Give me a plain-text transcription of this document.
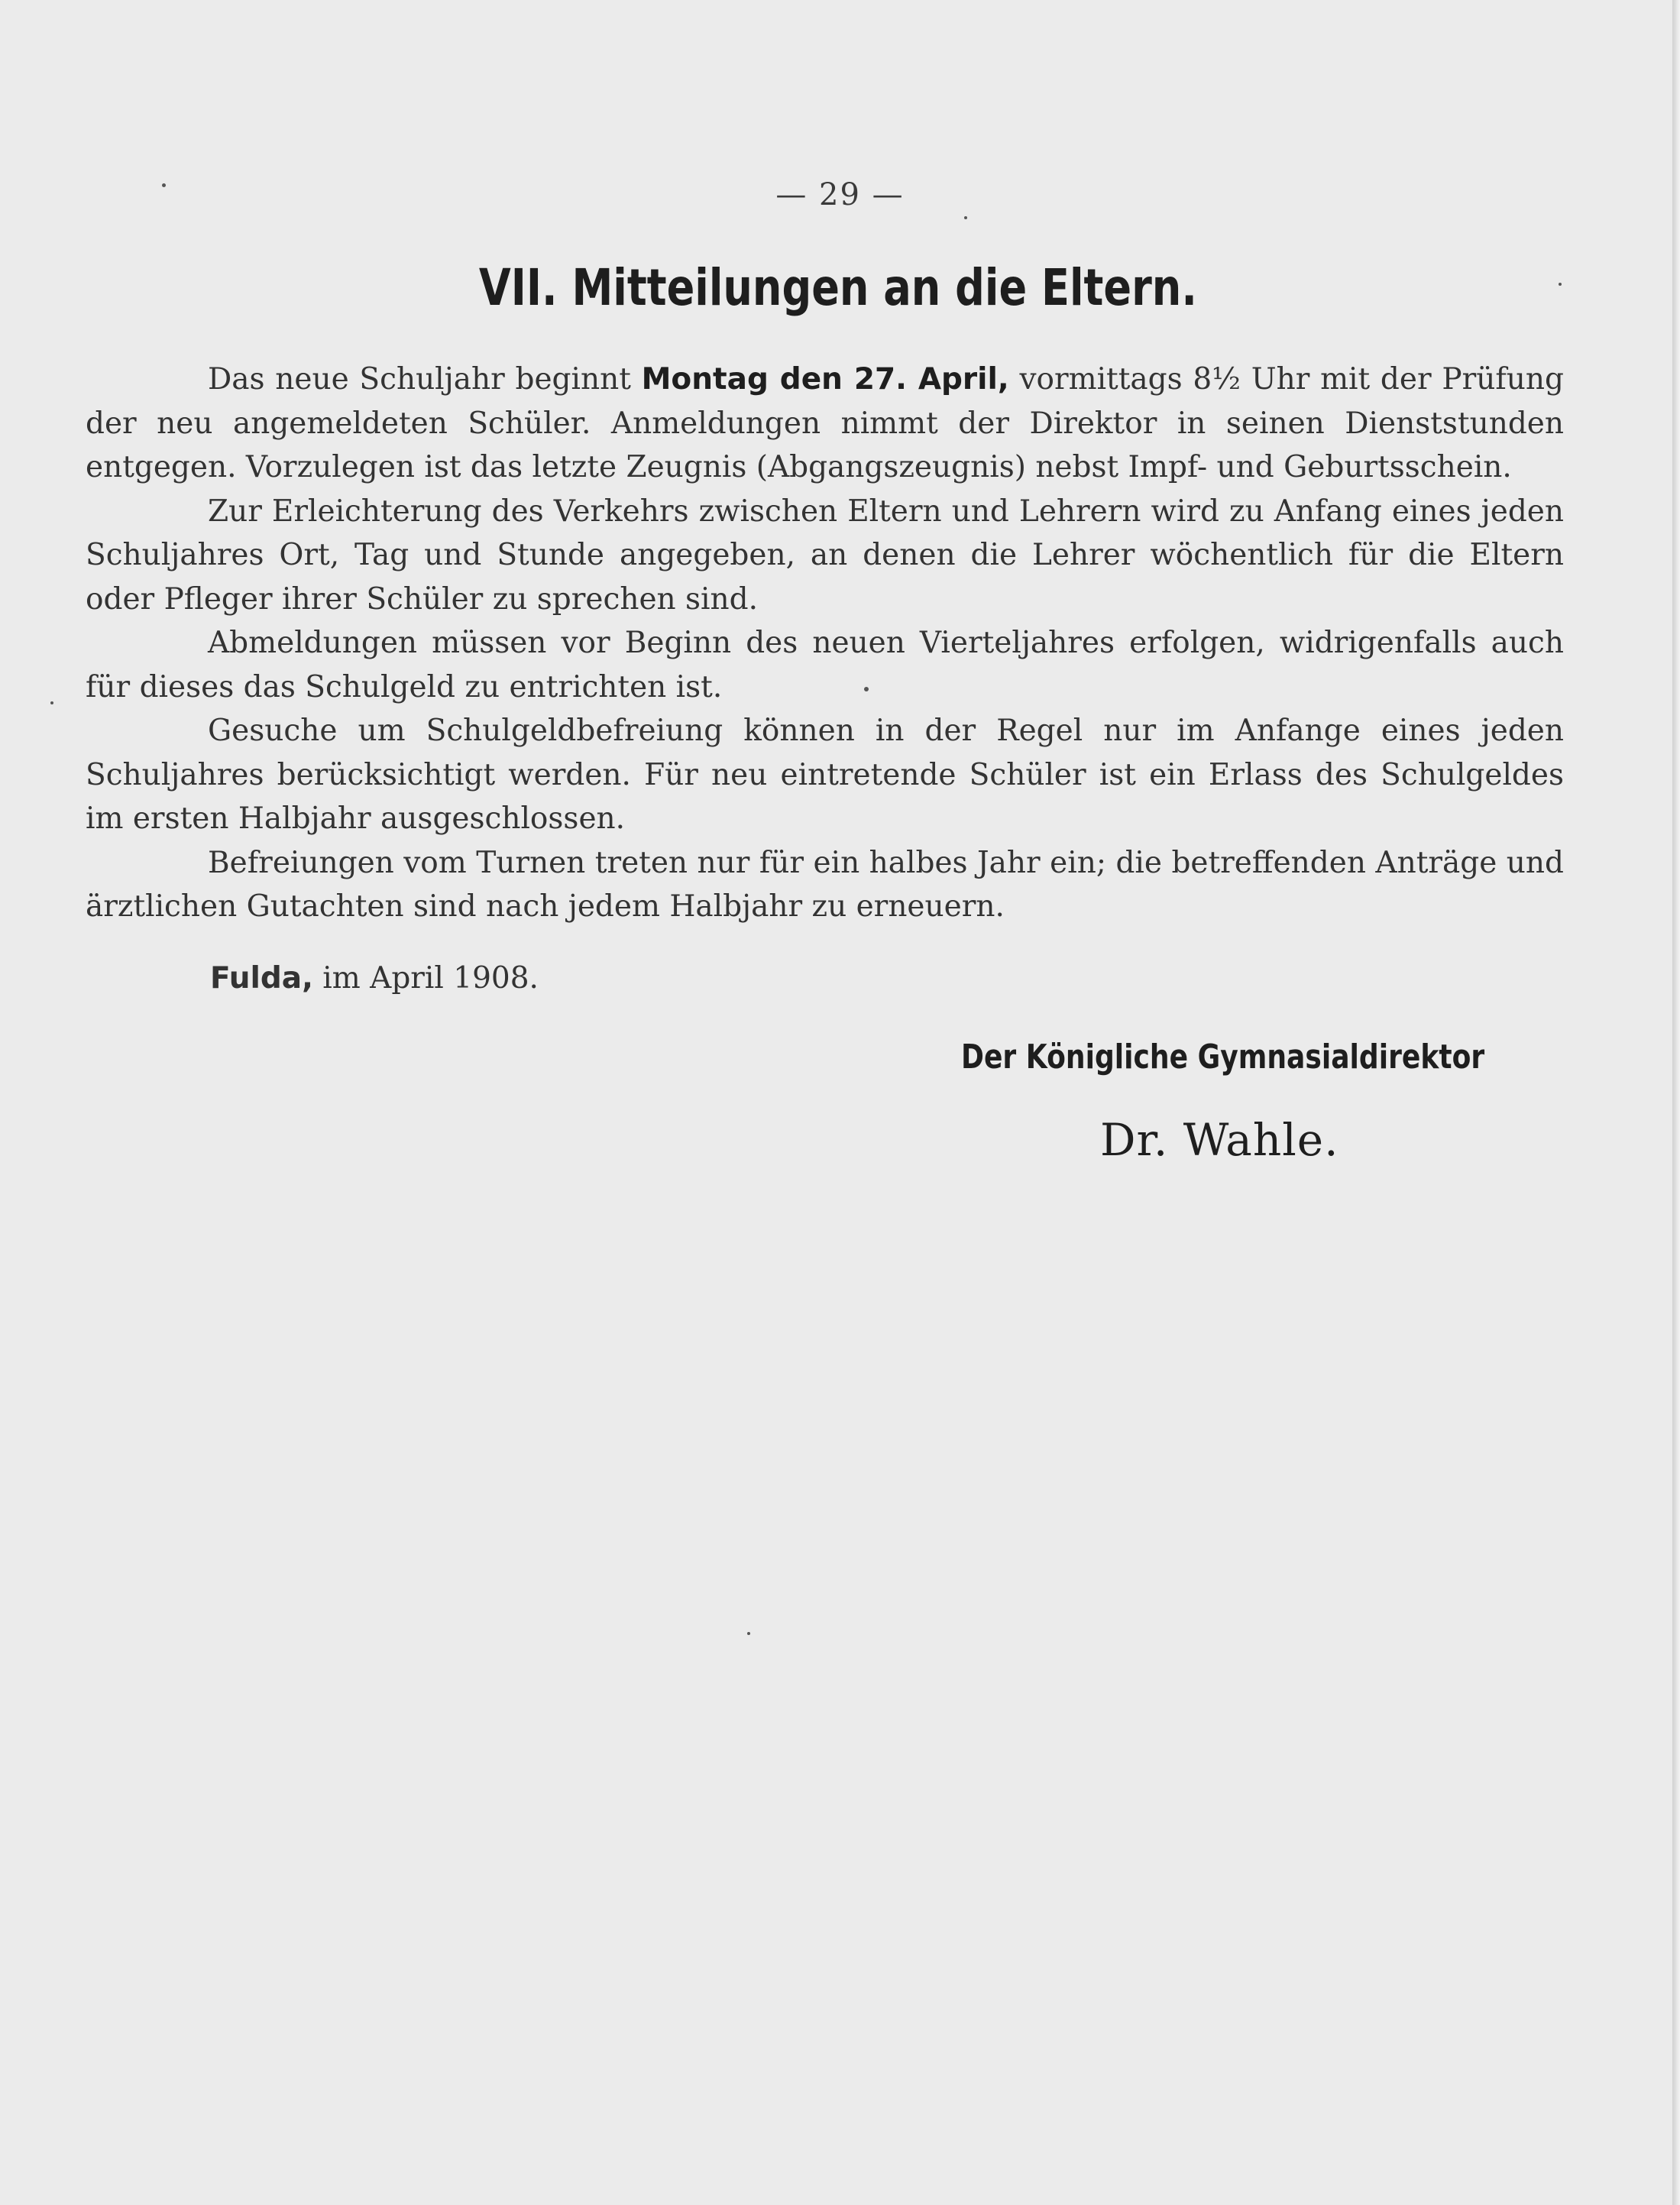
— 29 —
VII. Mitteilungen an die Eltern.

Das neue Schuljahr beginnt Montag den 27. April, vormittags 8½ Uhr mit der Prüfung der neu angemeldeten Schüler. Anmeldungen nimmt der Direktor in seinen Dienststunden entgegen. Vorzulegen ist das letzte Zeugnis (Abgangszeugnis) nebst Impf- und Geburtsschein.

Zur Erleichterung des Verkehrs zwischen Eltern und Lehrern wird zu Anfang eines jeden Schuljahres Ort, Tag und Stunde angegeben, an denen die Lehrer wöchentlich für die Eltern oder Pfleger ihrer Schüler zu sprechen sind.

Abmeldungen müssen vor Beginn des neuen Vierteljahres erfolgen, widrigenfalls auch für dieses das Schulgeld zu entrichten ist.

Gesuche um Schulgeldbefreiung können in der Regel nur im Anfange eines jeden Schuljahres berücksichtigt werden. Für neu eintretende Schüler ist ein Erlass des Schulgeldes im ersten Halbjahr ausgeschlossen.

Befreiungen vom Turnen treten nur für ein halbes Jahr ein; die betreffenden Anträge und ärztlichen Gutachten sind nach jedem Halbjahr zu erneuern.

Fulda, im April 1908.
Der Königliche Gymnasialdirektor
Dr. Wahle.
